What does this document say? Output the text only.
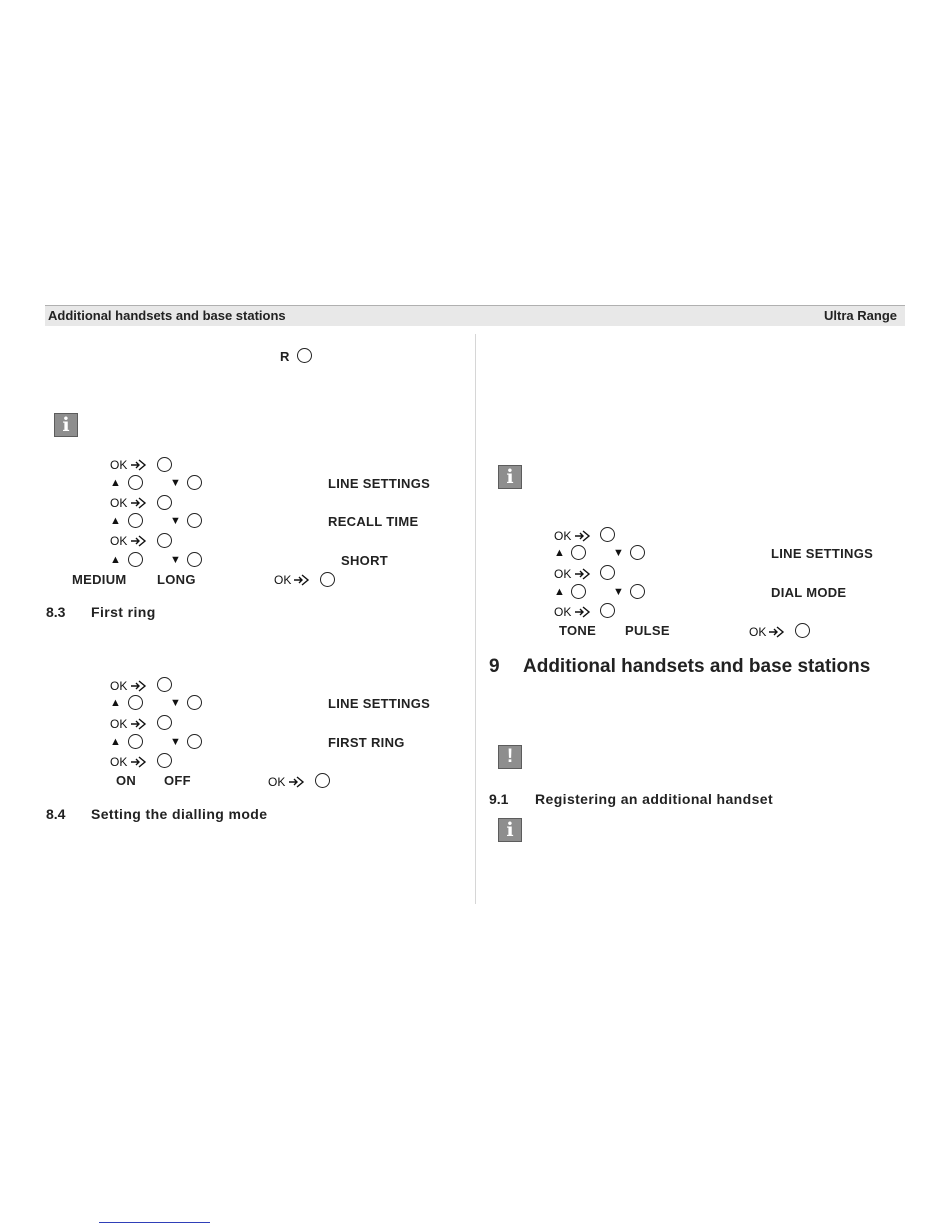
Additional handsets and base stations	Ultra Range
R
i
OK
▲	▼	LINE SETTINGS
OK
▲	▼	RECALL TIME
OK
▲	▼	SHORT
MEDIUM LONG	OK
8.3 First ring
OK
▲	▼	LINE SETTINGS
OK
▲	▼	FIRST RING
OK
ON OFF	OK
8.4 Setting the dialling mode
i
OK
▲	▼	LINE SETTINGS
OK
▲	▼	DIAL MODE
OK
TONE PULSE	OK
9 Additional handsets and base stations
!
9.1 Registering an additional handset
i
